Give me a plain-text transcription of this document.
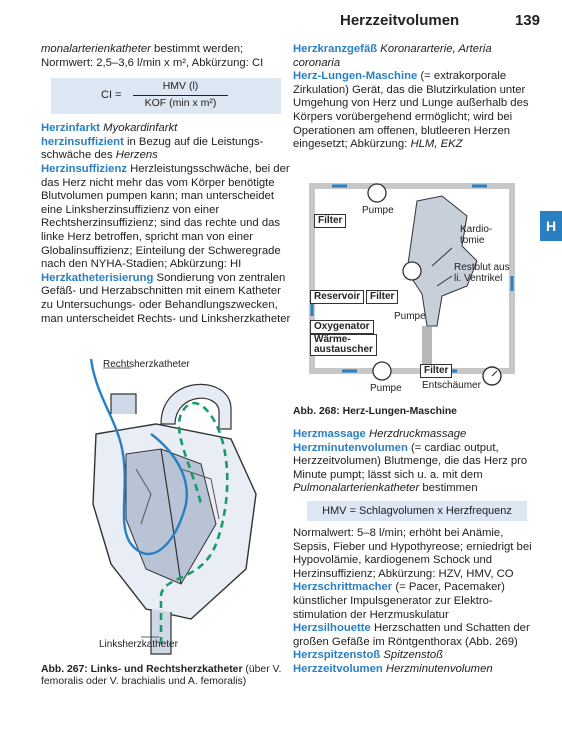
Herzzeitvolumen	139
H

monalarterienkatheter bestimmt werden; Normwert: 2,5–3,6 l/min x m², Abkürzung: CI

CI =
HMV (l)
KOF (min x m²)

Herzinfarkt Myokardinfarkt

herzinsuffizient in Bezug auf die Leistungsschwäche des Herzens

Herzinsuffizienz Herzleistungsschwäche, bei der das Herz nicht mehr das vom Körper benötigte Blutvolumen pumpen kann; man unterscheidet eine Linksherzinsuffizienz von einer Rechtsherzinsuffizienz; sind das rechte und das linke Herz betroffen, spricht man von einer Globalinsuffizienz; Einteilung der Schweregrade nach den NYHA-Stadien; Abkürzung: HI

Herzkatheterisierung Sondierung von zentralen Gefäß- und Herzabschnitten mit einem Katheter zu Untersuchungs- oder Behandlungszwecken, man unterscheidet Rechts- und Linksherzkatheter

Rechtsherzkatheter
Linksherzkatheter
Abb. 267: Links- und Rechtsherzkatheter (über V. femoralis oder V. brachialis und A. femoralis)

Herzkranzgefäß Koronararterie, Arteria coronaria

Herz-Lungen-Maschine (= extrakorporale Zirkulation) Gerät, das die Blutzirkulation unter Umgehung von Herz und Lunge außerhalb des Körpers vorübergehend ermöglicht; wird bei Operationen am offenen, blutleeren Herzen eingesetzt; Abkürzung: HLM, EKZ

Pumpe
Filter
Kardio-
tomie
Restblut aus
li. Ventrikel
Reservoir Filter
Pumpe
Oxygenator
Wärme-
austauscher
Filter
Pumpe Entschäumer
Abb. 268: Herz-Lungen-Maschine

Herzmassage Herzdruckmassage

Herzminutenvolumen (= cardiac output, Herzzeitvolumen) Blutmenge, die das Herz pro Minute pumpt; lässt sich u. a. mit dem Pulmonalarterienkatheter bestimmen

HMV = Schlagvolumen x Herzfrequenz

Normalwert: 5–8 l/min; erhöht bei Anämie, Sepsis, Fieber und Hypothyreose; erniedrigt bei Hypovolämie, kardiogenem Schock und Herzinsuffizienz; Abkürzung: HZV, HMV, CO

Herzschrittmacher (= Pacer, Pacemaker) künstlicher Impulsgenerator zur Elektrostimulation der Herzmuskulatur

Herzsilhouette Herzschatten und Schatten der großen Gefäße im Röntgenthorax (Abb. 269)

Herzspitzenstoß Spitzenstoß

Herzzeitvolumen Herzminutenvolumen
